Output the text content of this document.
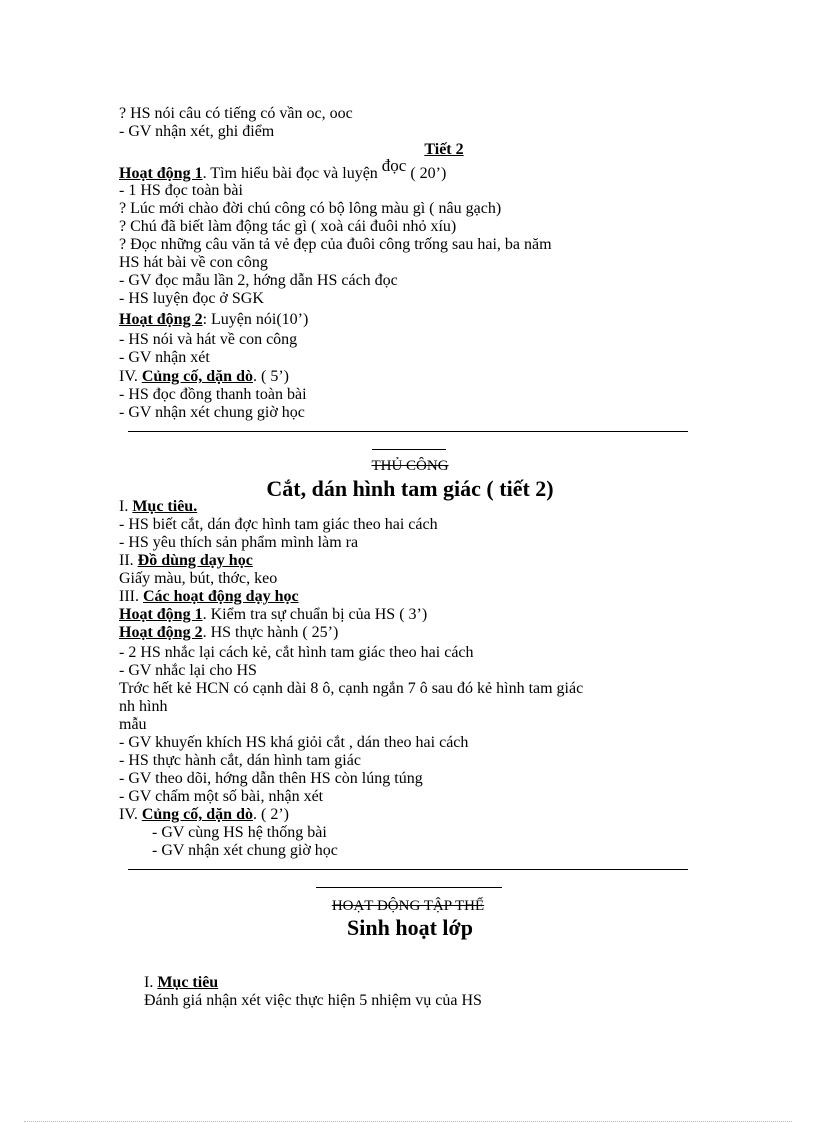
? HS nói câu có tiếng có vần oc, ooc
- GV nhận xét, ghi điểm
Tiết 2
Hoạt động 1. Tìm hiểu bài đọc và luyện đọc ( 20’)
- 1 HS đọc toàn bài
? Lúc mới chào đời chú công có bộ lông màu gì ( nâu gạch)
? Chú đã biết làm động tác gì ( xoà cái đuôi nhỏ xíu)
? Đọc những câu văn tả vẻ đẹp của đuôi công trống sau hai, ba năm
HS hát bài về con công
- GV đọc mẫu lần 2, hớng dẫn HS cách đọc
- HS luyện đọc ở SGK
Hoạt động 2: Luyện nói(10’)
- HS nói và hát về con công
- GV nhận xét
IV. Củng cố, dặn dò. ( 5’)
- HS đọc đồng thanh toàn bài
- GV nhận xét chung giờ học
THỦ CÔNG
Cắt, dán hình tam giác ( tiết 2)
I. Mục tiêu.
- HS biết cắt, dán đợc hình tam giác theo hai cách
- HS yêu thích sản phẩm mình làm ra
II. Đồ dùng dạy học
Giấy màu, bút, thớc, keo
III. Các hoạt động dạy học
Hoạt động 1. Kiểm tra sự chuẩn bị của HS ( 3’)
Hoạt động 2. HS thực hành ( 25’)
- 2 HS nhắc lại cách kẻ, cắt hình tam giác theo hai cách
- GV nhắc lại cho HS
Trớc hết kẻ HCN có cạnh dài 8 ô, cạnh ngắn 7 ô sau đó kẻ hình tam giác
nh hình
mẫu
- GV khuyến khích HS khá giỏi cắt , dán theo hai cách
- HS thực hành cắt, dán hình tam giác
- GV theo dõi, hớng dẫn thên HS còn lúng túng
- GV chấm một số bài, nhận xét
IV. Củng cố, dặn dò. ( 2’)
- GV cùng HS hệ thống bài
- GV nhận xét chung giờ học
HOẠT ĐỘNG TẬP THỂ
Sinh hoạt lớp
I. Mục tiêu
Đánh giá nhận xét việc thực hiện 5 nhiệm vụ của HS
